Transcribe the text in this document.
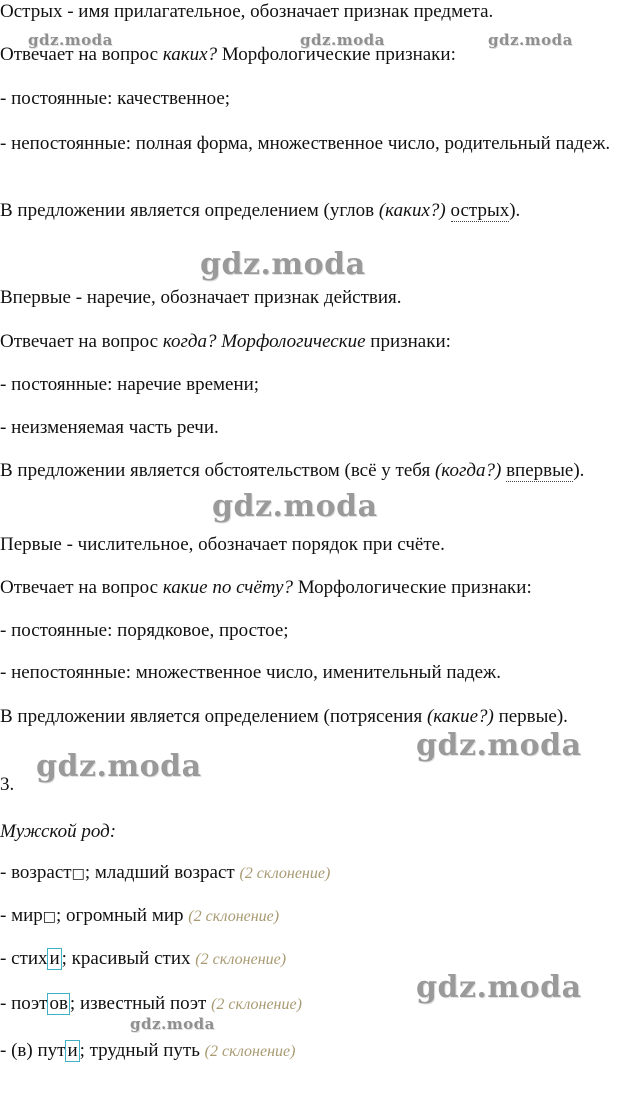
Острых - имя прилагательное, обозначает признак предмета.

Отвечает на вопрос каких? Морфологические признаки:

- постоянные: качественное;

- непостоянные: полная форма, множественное число, родительный падеж.

В предложении является определением (углов (каких?) острых).

Впервые - наречие, обозначает признак действия.

Отвечает на вопрос когда? Морфологические признаки:

- постоянные: наречие времени;

- неизменяемая часть речи.

В предложении является обстоятельством (всё у тебя (когда?) впервые).

Первые - числительное, обозначает порядок при счёте.

Отвечает на вопрос какие по счёту? Морфологические признаки:

- постоянные: порядковое, простое;

- непостоянные: множественное число, именительный падеж.

В предложении является определением (потрясения (какие?) первые).

3.

Мужской род:

- возраст□; младший возраст (2 склонение)

- мир□; огромный мир (2 склонение)

- стих и ; красивый стих (2 склонение)

- поэт ов ; известный поэт (2 склонение)

- (в) пут и ; трудный путь (2 склонение)

gdz.moda	gdz.moda	gdz.moda
gdz.moda
gdz.moda
gdz.moda
gdz.moda
gdz.moda
gdz.moda
